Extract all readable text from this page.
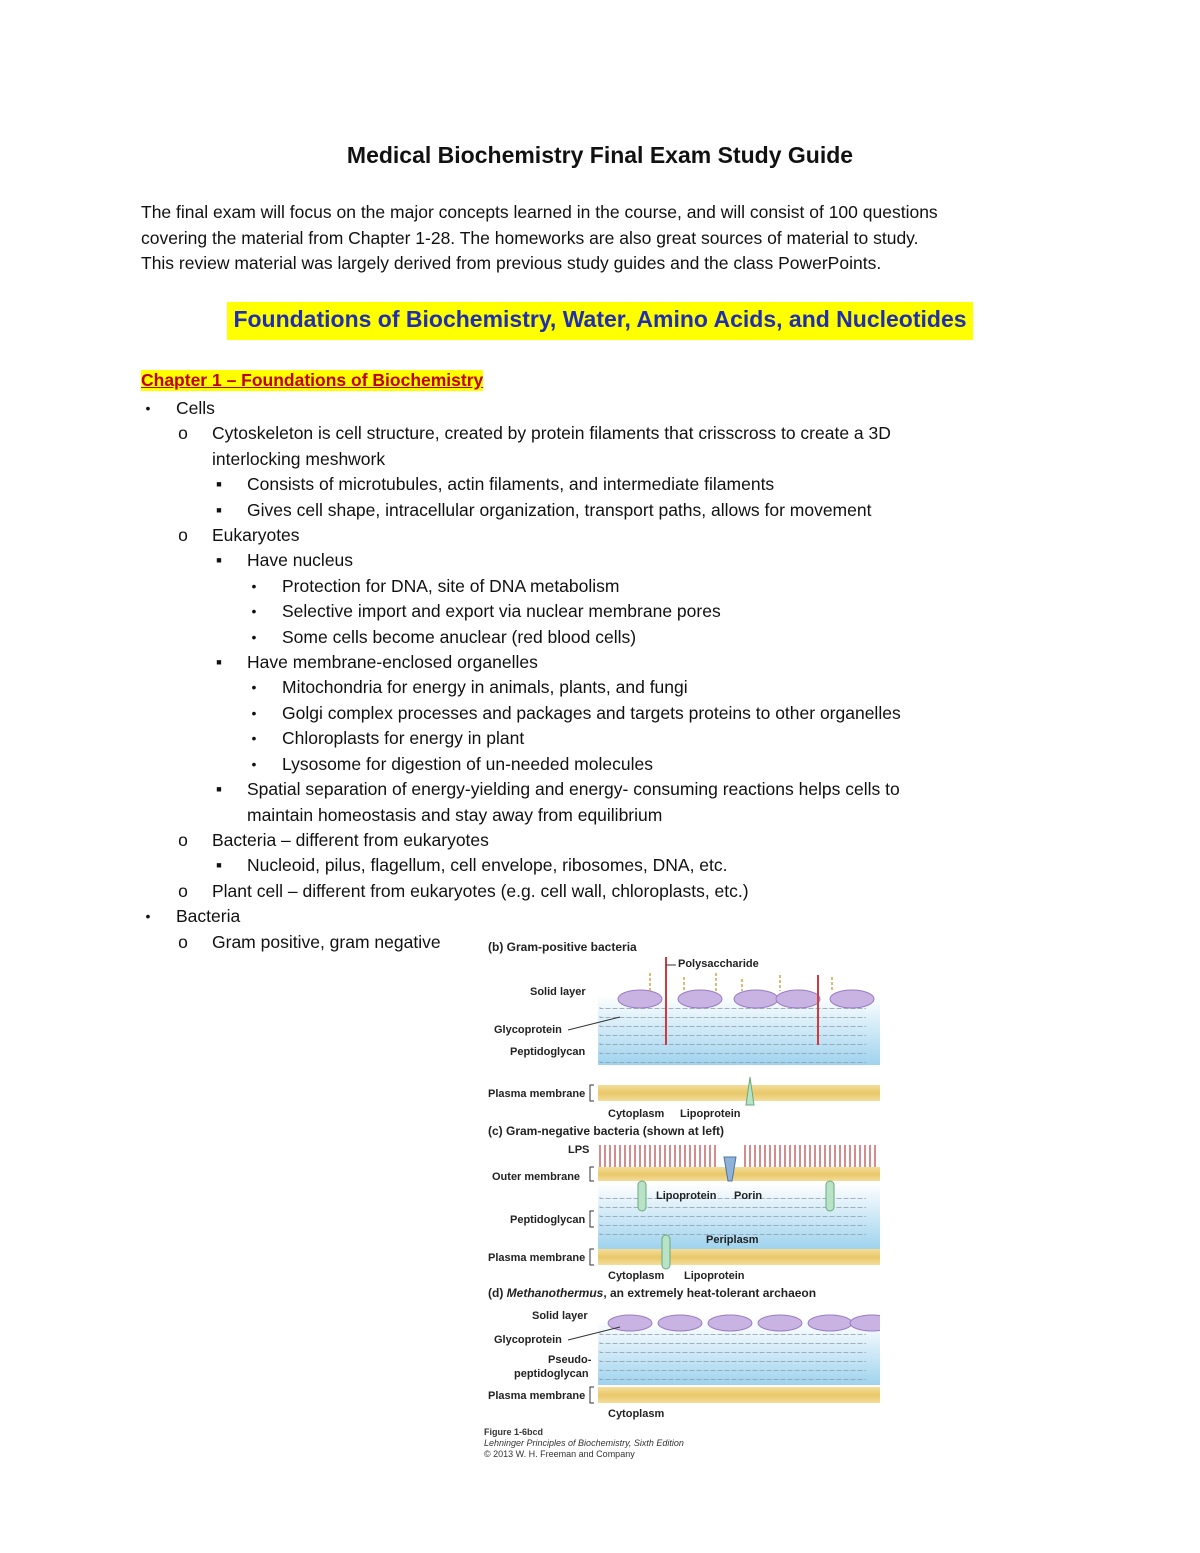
Medical Biochemistry Final Exam Study Guide

The final exam will focus on the major concepts learned in the course, and will consist of 100 questions

covering the material from Chapter 1-28. The homeworks are also great sources of material to study.

This review material was largely derived from previous study guides and the class PowerPoints.

Foundations of Biochemistry, Water, Amino Acids, and Nucleotides
Chapter 1 – Foundations of Biochemistry
•	Cells
o Cytoskeleton is cell structure, created by protein filaments that crisscross to create a 3D
interlocking meshwork
■	Consists of microtubules, actin filaments, and intermediate filaments
■	Gives cell shape, intracellular organization, transport paths, allows for movement
o Eukaryotes
■	Have nucleus
•	Protection for DNA, site of DNA metabolism
•	Selective import and export via nuclear membrane pores
•	Some cells become anuclear (red blood cells)
■	Have membrane-enclosed organelles
•	Mitochondria for energy in animals, plants, and fungi
•	Golgi complex processes and packages and targets proteins to other organelles
•	Chloroplasts for energy in plant
•	Lysosome for digestion of un-needed molecules
■	Spatial separation of energy-yielding and energy- consuming reactions helps cells to
maintain homeostasis and stay away from equilibrium
o Bacteria – different from eukaryotes
■	Nucleoid, pilus, flagellum, cell envelope, ribosomes, DNA, etc.
o Plant cell – different from eukaryotes (e.g. cell wall, chloroplasts, etc.)
•	Bacteria
o Gram positive, gram negative	(b) Gram-positive bacteria
Polysaccharide
Solid layer
Glycoprotein
Peptidoglycan
Plasma membrane
Cytoplasm Lipoprotein
(c) Gram-negative bacteria (shown at left)
LPS
Outer membrane
Lipoprotein Porin
Peptidoglycan
Periplasm
Plasma membrane
Cytoplasm Lipoprotein
(d) Methanothermus, an extremely heat-tolerant archaeon
Solid layer
Glycoprotein
Pseudo-
peptidoglycan
Plasma membrane
Cytoplasm
Figure 1-6bcd
Lehninger Principles of Biochemistry, Sixth Edition
© 2013 W. H. Freeman and Company
